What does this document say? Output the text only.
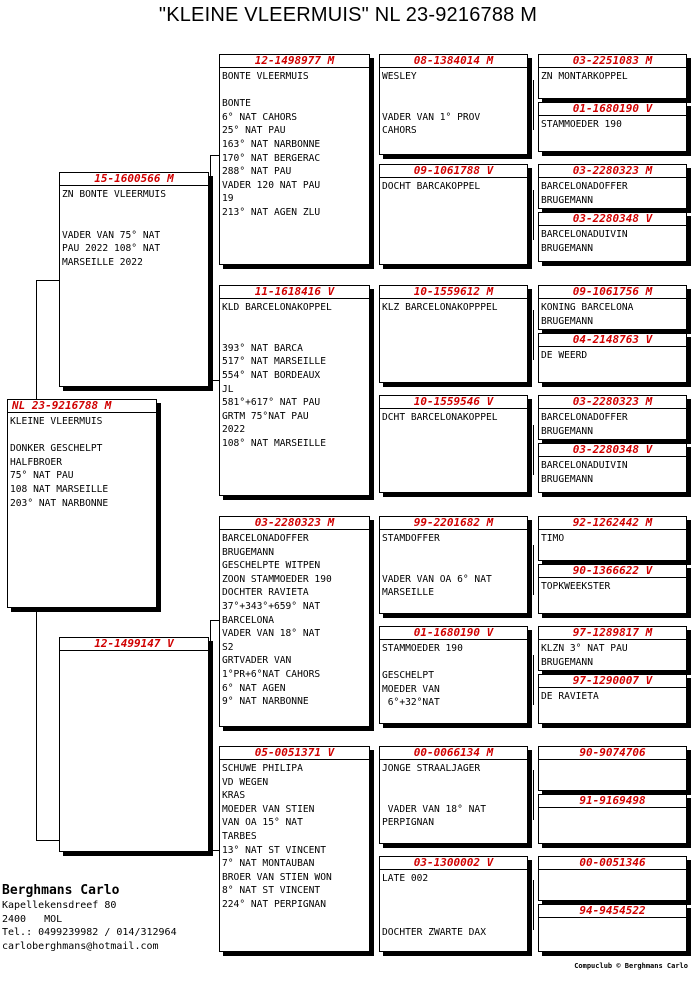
"KLEINE VLEERMUIS" NL 23-9216788 M
NL 23-9216788 M
KLEINE VLEERMUIS

DONKER GESCHELPT
HALFBROER
75° NAT PAU
108 NAT MARSEILLE
203° NAT NARBONNE
15-1600566 M
ZN BONTE VLEERMUIS

VADER VAN 75° NAT
PAU 2022 108° NAT
MARSEILLE 2022
12-1499147 V
12-1498977 M
BONTE VLEERMUIS

BONTE
6° NAT CAHORS
25° NAT PAU
163° NAT NARBONNE
170° NAT BERGERAC
288° NAT PAU
VADER 120 NAT PAU
19
213° NAT AGEN ZLU
11-1618416 V
KLD BARCELONAKOPPEL

393° NAT BARCA
517° NAT MARSEILLE
554° NAT BORDEAUX
JL
581°+617° NAT PAU
GRTM 75°NAT PAU
2022
108° NAT MARSEILLE
03-2280323 M
BARCELONADOFFER
BRUGEMANN
GESCHELPTE WITPEN
ZOON STAMMOEDER 190
DOCHTER RAVIETA
37°+343°+659° NAT
BARCELONA
VADER VAN 18° NAT
S2
GRTVADER VAN
1°PR+6°NAT CAHORS
6° NAT AGEN
9° NAT NARBONNE
05-0051371 V
SCHUWE PHILIPA
VD WEGEN
KRAS
MOEDER VAN STIEN
VAN OA 15° NAT
TARBES
13° NAT ST VINCENT
7° NAT MONTAUBAN
BROER VAN STIEN WON
8° NAT ST VINCENT
224° NAT PERPIGNAN
08-1384014 M
WESLEY

VADER VAN 1° PROV
CAHORS
09-1061788 V
DOCHT BARCAKOPPEL
10-1559612 M
KLZ BARCELONAKOPPPEL
10-1559546 V
DCHT BARCELONAKOPPEL
99-2201682 M
STAMDOFFER

VADER VAN OA 6° NAT
MARSEILLE
01-1680190 V
STAMMOEDER 190

GESCHELPT
MOEDER VAN
6°+32°NAT
00-0066134 M
JONGE STRAALJAGER

VADER VAN 18° NAT
PERPIGNAN
03-1300002 V
LATE 002

DOCHTER ZWARTE DAX
03-2251083 M
ZN MONTARKOPPEL
01-1680190 V
STAMMOEDER 190
03-2280323 M
BARCELONADOFFER
BRUGEMANN
03-2280348 V
BARCELONADUIVIN
BRUGEMANN
09-1061756 M
KONING BARCELONA
BRUGEMANN
04-2148763 V
DE WEERD
03-2280323 M
BARCELONADOFFER
BRUGEMANN
03-2280348 V
BARCELONADUIVIN
BRUGEMANN
92-1262442 M
TIMO
90-1366622 V
TOPKWEEKSTER
97-1289817 M
KLZN 3° NAT PAU
BRUGEMANN
97-1290007 V
DE RAVIETA
90-9074706
91-9169498
00-0051346
94-9454522
Berghmans Carlo
Kapellekensdreef 80
2400   MOL
Tel.: 0499239982 / 014/312964
carloberghmans@hotmail.com
Compuclub © Berghmans Carlo
